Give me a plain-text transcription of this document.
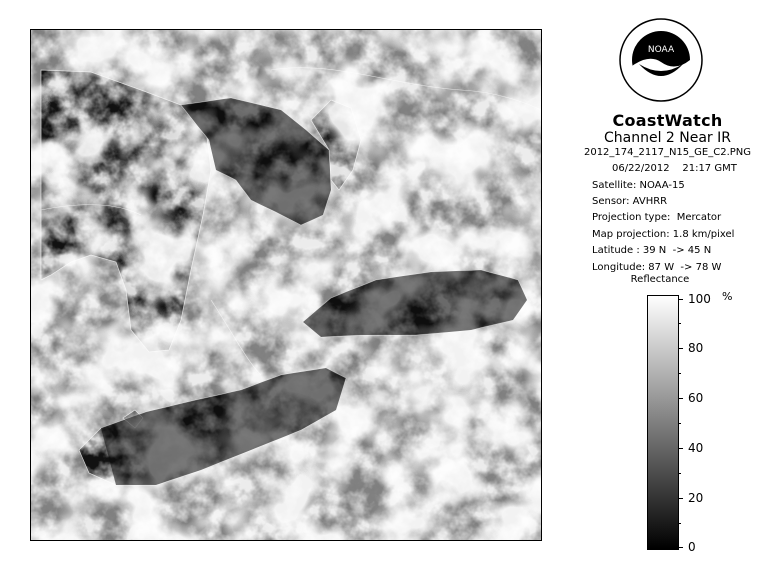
NOAA
CoastWatch
Channel 2 Near IR
2012_174_2117_N15_GE_C2.PNG
06/22/2012    21:17 GMT
Satellite: NOAA-15
Sensor: AVHRR
Projection type:  Mercator
Map projection: 1.8 km/pixel
Latitude : 39 N  -> 45 N
Longitude: 87 W  -> 78 W
Reflectance
%
100
80
60
40
20
0
